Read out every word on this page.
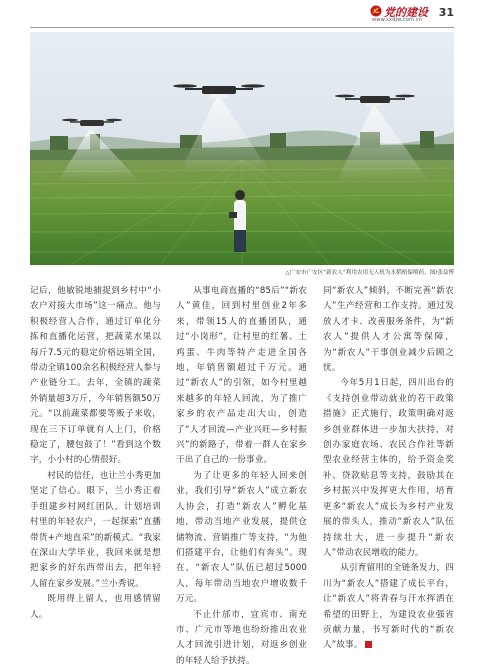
党的建设
www.sxdjw.com.cn
31
△广安市广安区“新农人”利用农用无人机为水稻植保喷药。图/张益博

记后，他敏锐地捕捉到乡村中“小农户对接大市场”这一痛点。他与积极经营人合作，通过订单化分拣和直播化运营，把蔬菜水果以每斤7.5元的稳定价格远销全国，带动全镇100余名积极经营人参与产业链分工。去年，全镇的蔬菜外销量超3万斤，今年销售额50万元。“以前蔬菜都要等贩子来收，现在三下订单就有人上门，价格稳定了，腰包鼓了！”看到这个数字，小小村的心情很好。

村民的信任，也让兰小秀更加坚定了信心。眼下，兰小秀正着手组建乡村网红团队，计划培训村里的年轻农户，一起探索“直播带货+产地直采”的新模式。“我家在深山大学毕业，我回来就是想把家乡的好东西带出去，把年轻人留在家乡发展。”兰小秀说。

既用得上留人，也用感情留人。

从事电商直播的“85后”“新农人”黄佳，回到村里创业2年多来，带领15人的直播团队，通过“小岗形”，让村里的红薯、土鸡蛋、牛肉等特产走进全国各地，年销售额超过千万元。通过“新农人”的引领，如今村里越来越多的年轻人回流，为了推广家乡的农产品走出大山，创造了“人才回流—产业兴旺—乡村振兴”的新路子，带着一群人在家乡干出了自己的一份事业。

为了让更多的年轻人回来创业，我们引导“新农人”成立新农人协会，打造“新农人”孵化基地，带动当地产业发展，提供仓储物流、营销推广等支持，“为他们搭建平台，让他们有奔头”。现在，“新农人”队伍已超过5000人，每年带动当地农户增收数千万元。

不止什邡市，宜宾市、南充市、广元市等地也纷纷推出农业人才回流引进计划，对返乡创业的年轻人给予扶持。

同“新农人”倾斜，不断完善“新农人”生产经营和工作支持。通过发放人才卡、改善服务条件，为“新农人”提供人才公寓等保障，为“新农人”干事创业减少后顾之忧。

今年5月1日起，四川出台的《支持创业带动就业的若干政策措施》正式施行，政策明确对返乡创业群体进一步加大扶持，对创办家庭农场、农民合作社等新型农业经营主体的，给予资金奖补、贷款贴息等支持，鼓励其在乡村振兴中发挥更大作用，培育更多“新农人”成长为乡村产业发展的带头人，推动“新农人”队伍持续壮大，进一步提升“新农人”带动农民增收的能力。

从引育留用的全链条发力，四川为“新农人”搭建了成长平台，让“新农人”将青春与汗水挥洒在希望的田野上，为建设农业强省贡献力量，书写新时代的“新农人”故事。
